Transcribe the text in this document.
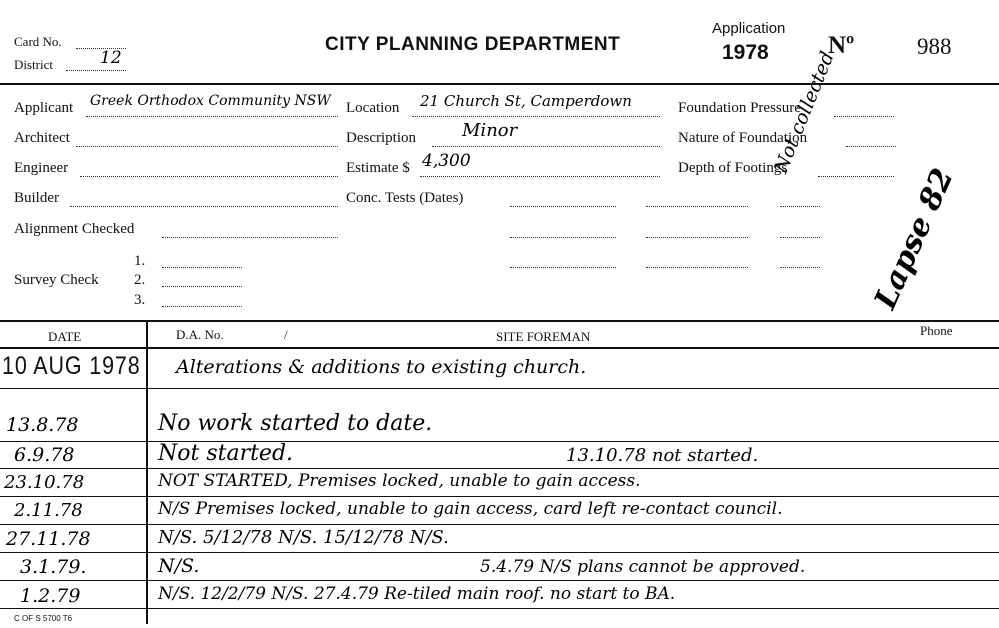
Card No.
District	12
CITY PLANNING DEPARTMENT
Application
1978 Nº	988
Applicant Greek Orthodox Community NSW
Architect
Engineer
Builder
Alignment Checked
Survey Check
1.
2.
3.
Location 21 Church St, Camperdown
Description	Minor
Estimate $ 4,300
Conc. Tests (Dates)
Foundation Pressure
Nature of Foundation
Depth of Footings
Not collected
Lapse 82
DATE	D.A. No.	/	SITE FOREMAN	Phone
10 AUG 1978 Alterations & additions to existing church.
13.8.78	No work started to date.
6.9.78	Not started.	13.10.78 not started.
23.10.78	NOT STARTED, Premises locked, unable to gain access.
2.11.78	N/S Premises locked, unable to gain access, card left re-contact council.
27.11.78	N/S. 5/12/78 N/S. 15/12/78 N/S.
3.1.79.	N/S.	5.4.79 N/S plans cannot be approved.
1.2.79	N/S. 12/2/79 N/S. 27.4.79 Re-tiled main roof. no start to BA.
C OF S 5700 T6
